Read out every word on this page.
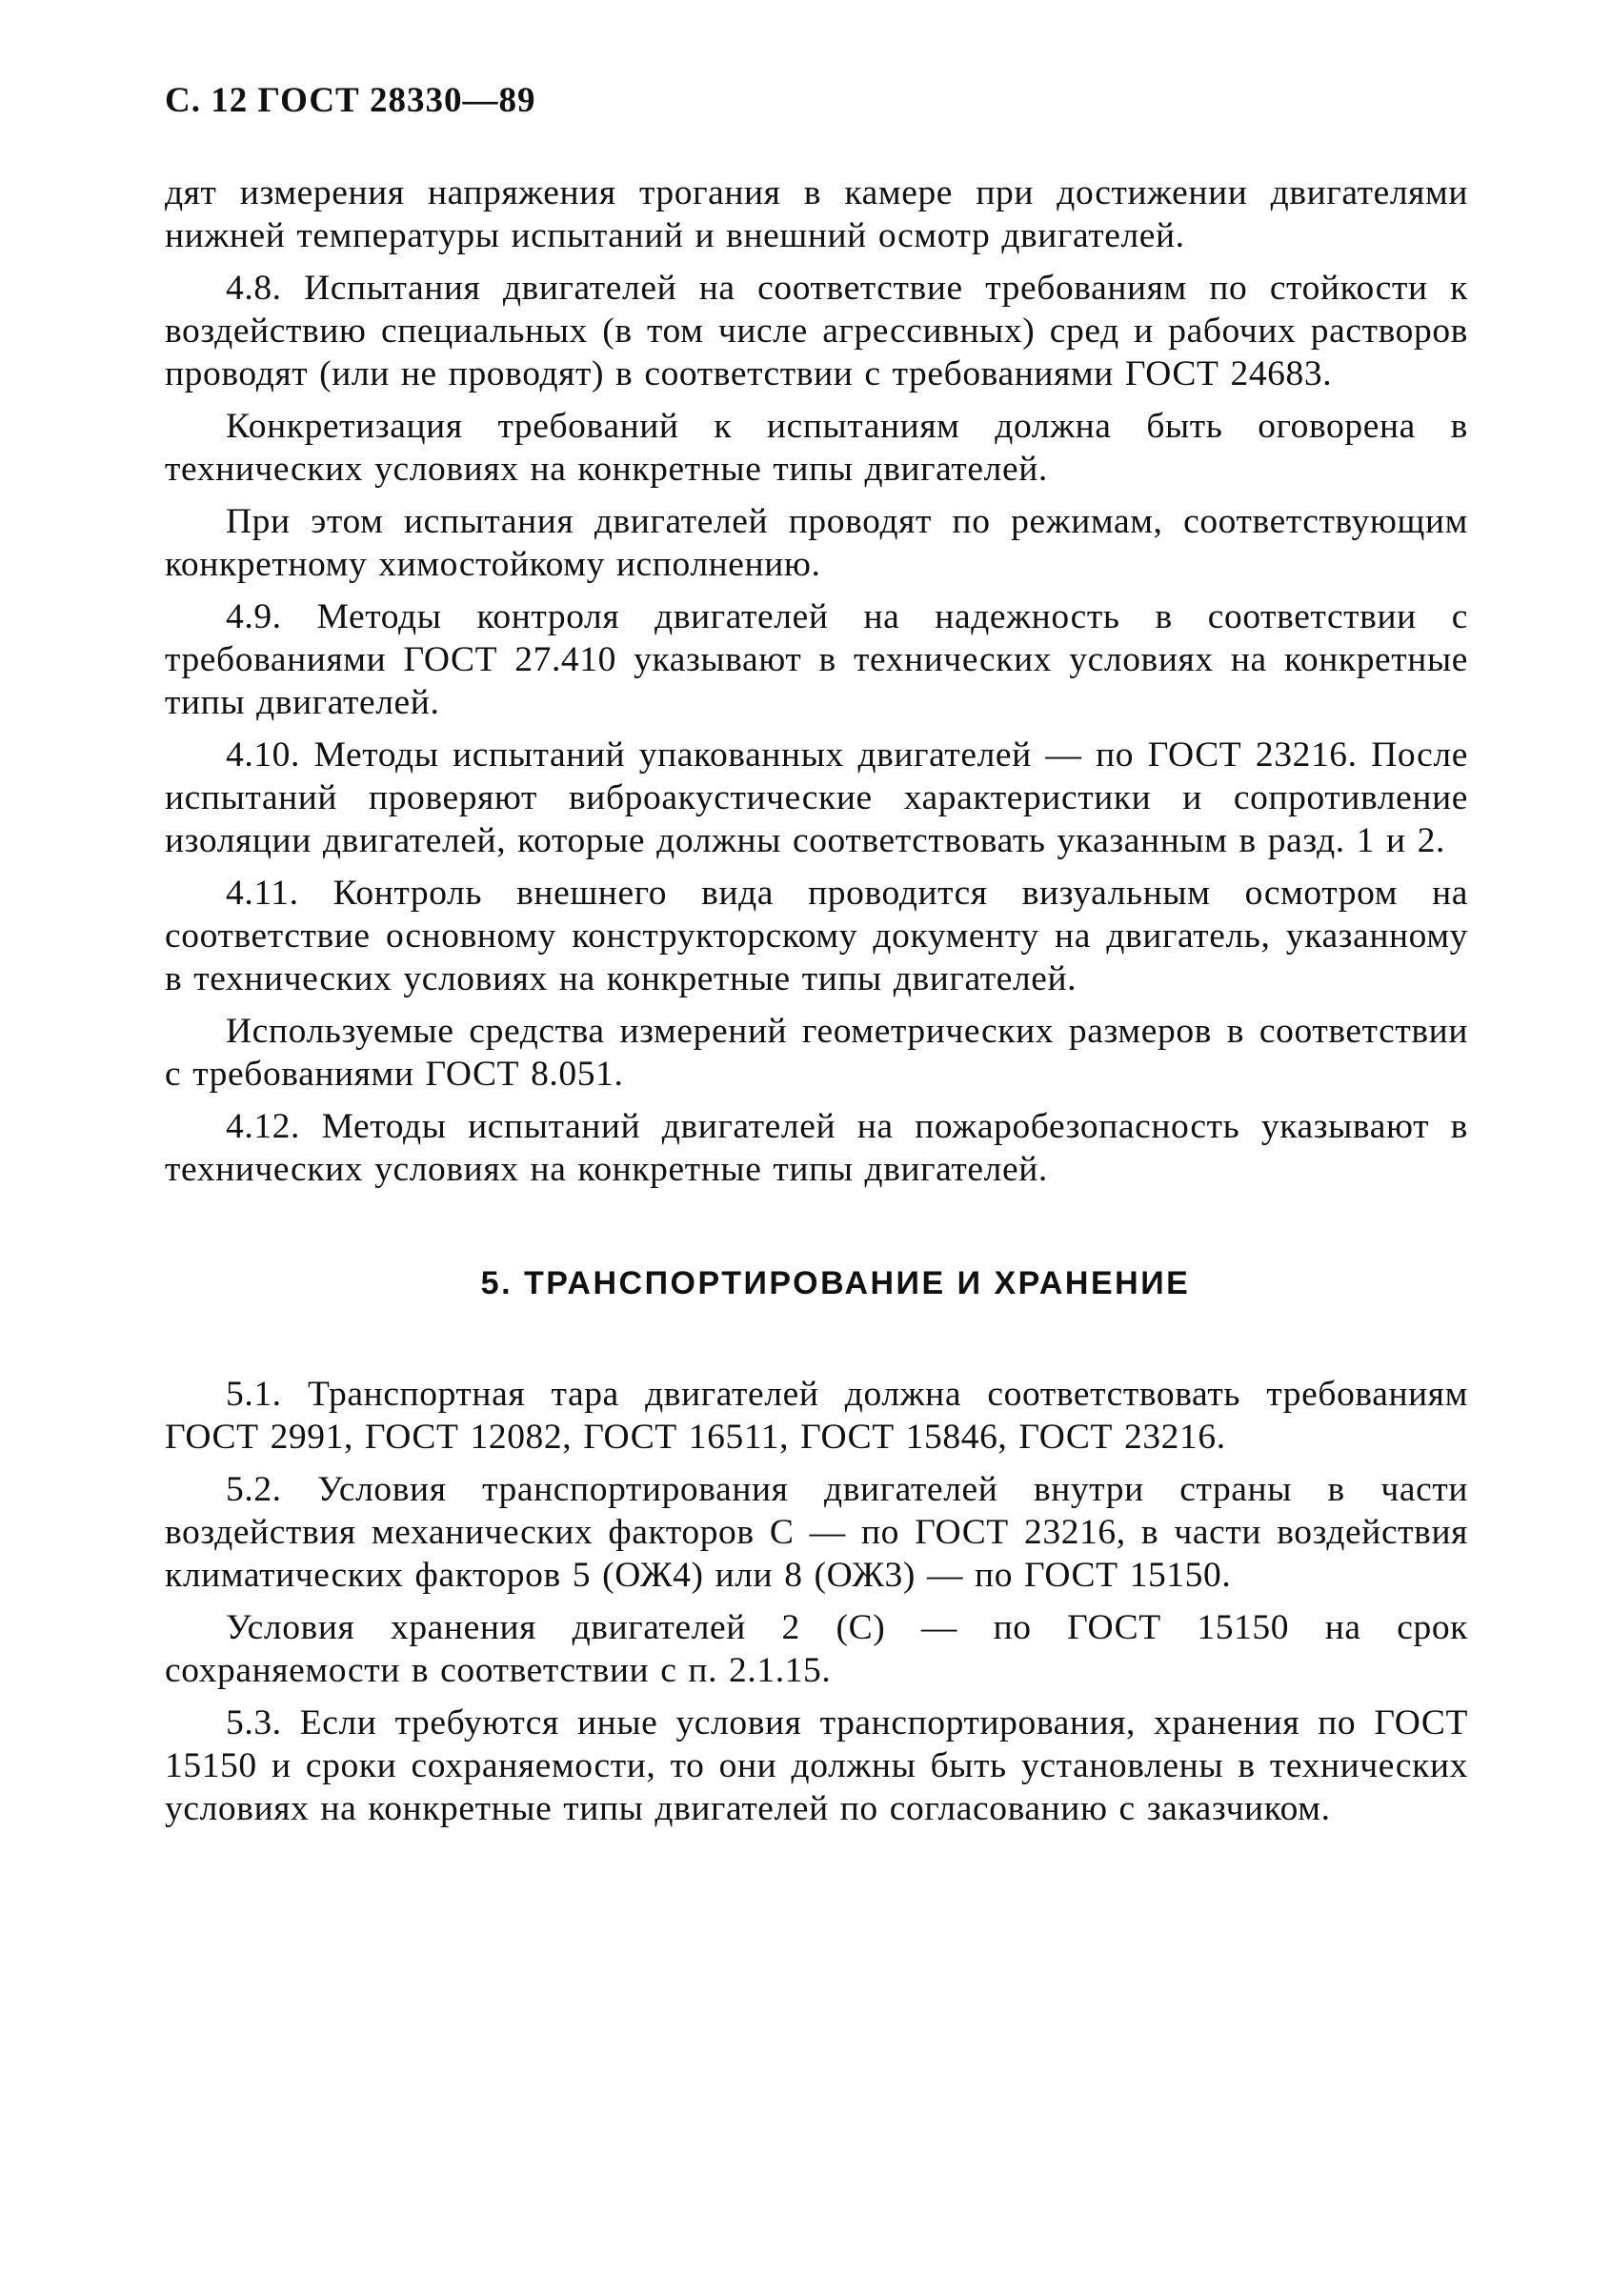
С. 12 ГОСТ 28330—89

дят измерения напряжения трогания в камере при достижении двигателями нижней температуры испытаний и внешний осмотр двигателей.

4.8. Испытания двигателей на соответствие требованиям по стойкости к воздействию специальных (в том числе агрессивных) сред и рабочих растворов проводят (или не проводят) в соответствии с требованиями ГОСТ 24683.

Конкретизация требований к испытаниям должна быть оговорена в технических условиях на конкретные типы двигателей.

При этом испытания двигателей проводят по режимам, соответствующим конкретному химостойкому исполнению.

4.9. Методы контроля двигателей на надежность в соответствии с требованиями ГОСТ 27.410 указывают в технических условиях на конкретные типы двигателей.

4.10. Методы испытаний упакованных двигателей — по ГОСТ 23216. После испытаний проверяют виброакустические характеристики и сопротивление изоляции двигателей, которые должны соответствовать указанным в разд. 1 и 2.

4.11. Контроль внешнего вида проводится визуальным осмотром на соответствие основному конструкторскому документу на двигатель, указанному в технических условиях на конкретные типы двигателей.

Используемые средства измерений геометрических размеров в соответствии с требованиями ГОСТ 8.051.

4.12. Методы испытаний двигателей на пожаробезопасность указывают в технических условиях на конкретные типы двигателей.

5. ТРАНСПОРТИРОВАНИЕ И ХРАНЕНИЕ

5.1. Транспортная тара двигателей должна соответствовать требованиям ГОСТ 2991, ГОСТ 12082, ГОСТ 16511, ГОСТ 15846, ГОСТ 23216.

5.2. Условия транспортирования двигателей внутри страны в части воздействия механических факторов С — по ГОСТ 23216, в части воздействия климатических факторов 5 (ОЖ4) или 8 (ОЖ3) — по ГОСТ 15150.

Условия хранения двигателей 2 (С) — по ГОСТ 15150 на срок сохраняемости в соответствии с п. 2.1.15.

5.3. Если требуются иные условия транспортирования, хранения по ГОСТ 15150 и сроки сохраняемости, то они должны быть установлены в технических условиях на конкретные типы двигателей по согласованию с заказчиком.
